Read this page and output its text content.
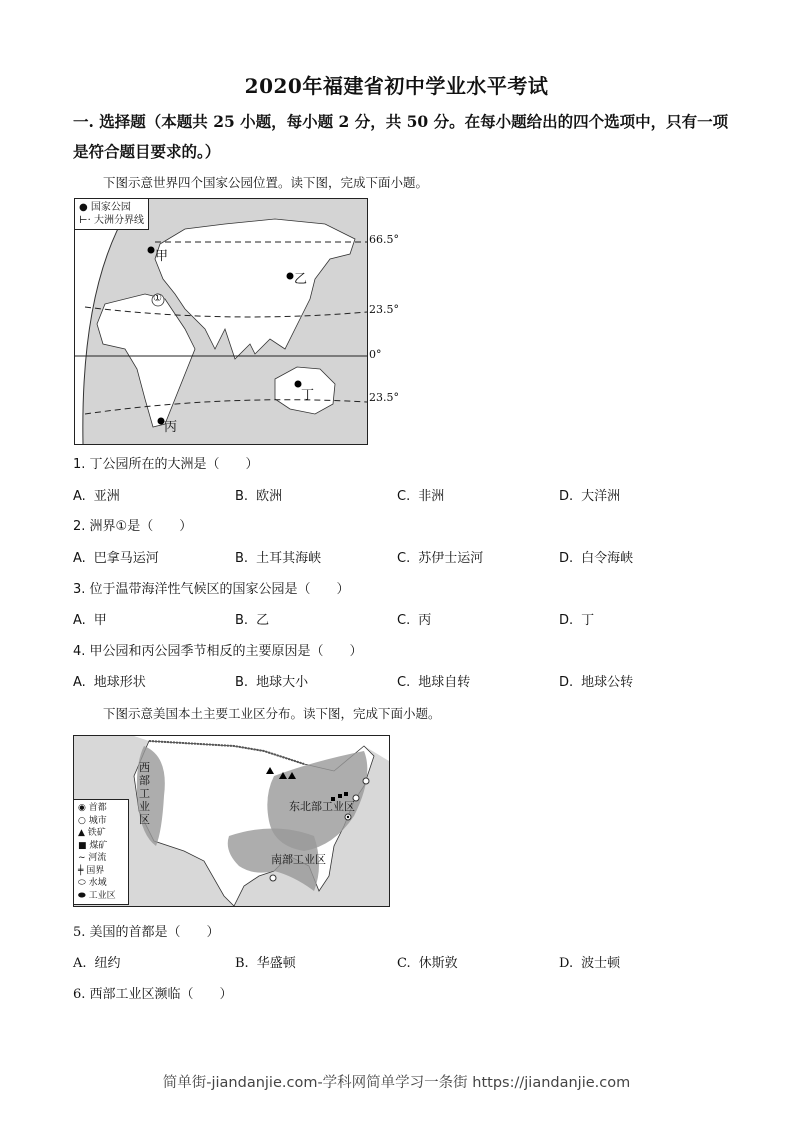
2020年福建省初中学业水平考试
一. 选择题（本题共 25 小题，每小题 2 分，共 50 分。在每小题给出的四个选项中，只有一项是符合题目要求的。）
下图示意世界四个国家公园位置。读下图，完成下面小题。
● 国家公园
⊢· 大洲分界线
甲
乙
丙
丁
①
66.5°
23.5°
0°
23.5°
1. 丁公园所在的大洲是（　　）
A. 亚洲	B. 欧洲	C. 非洲	D. 大洋洲
2. 洲界①是（　　）
A. 巴拿马运河	B. 土耳其海峡	C. 苏伊士运河	D. 白令海峡
3. 位于温带海洋性气候区的国家公园是（　　）
A. 甲	B. 乙	C. 丙	D. 丁
4. 甲公园和丙公园季节相反的主要原因是（　　）
A. 地球形状	B. 地球大小	C. 地球自转	D. 地球公转
下图示意美国本土主要工业区分布。读下图，完成下面小题。
◉ 首都
○ 城市
▲ 铁矿
■ 煤矿
~ 河流
╪ 国界
⬭ 水域
⬬ 工业区
西部工业区
东北部工业区
南部工业区
5. 美国的首都是（　　）
A. 纽约	B. 华盛顿	C. 休斯敦	D. 波士顿
6. 西部工业区濒临（　　）
简单街-jiandanjie.com-学科网简单学习一条街 https://jiandanjie.com
